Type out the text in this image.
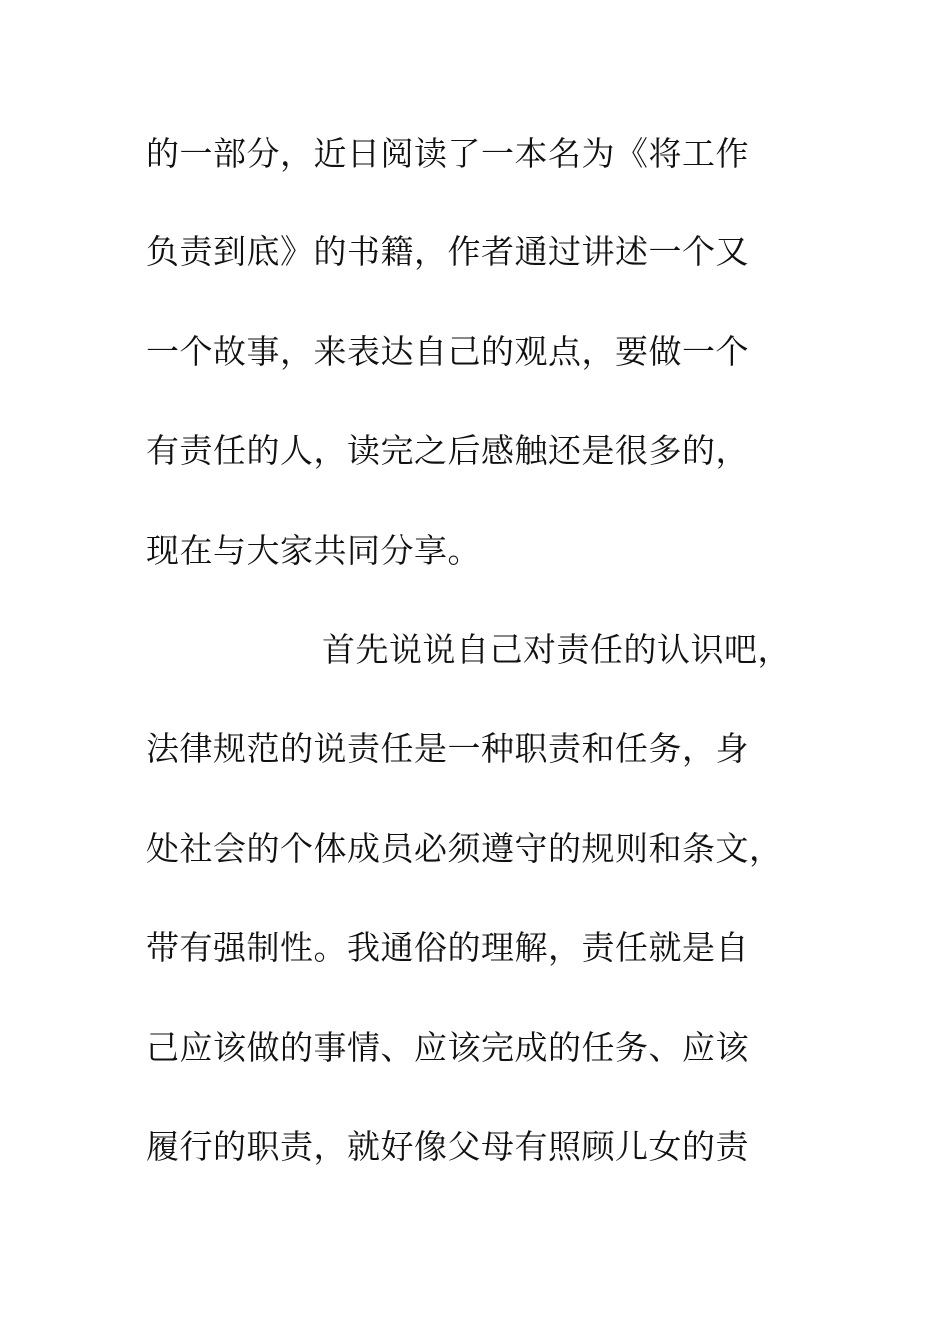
的一部分，近日阅读了一本名为《将工作
负责到底》的书籍，作者通过讲述一个又
一个故事，来表达自己的观点，要做一个
有责任的人，读完之后感触还是很多的，
现在与大家共同分享。
首先说说自己对责任的认识吧，
法律规范的说责任是一种职责和任务，身
处社会的个体成员必须遵守的规则和条文，
带有强制性。我通俗的理解，责任就是自
己应该做的事情、应该完成的任务、应该
履行的职责，就好像父母有照顾儿女的责
